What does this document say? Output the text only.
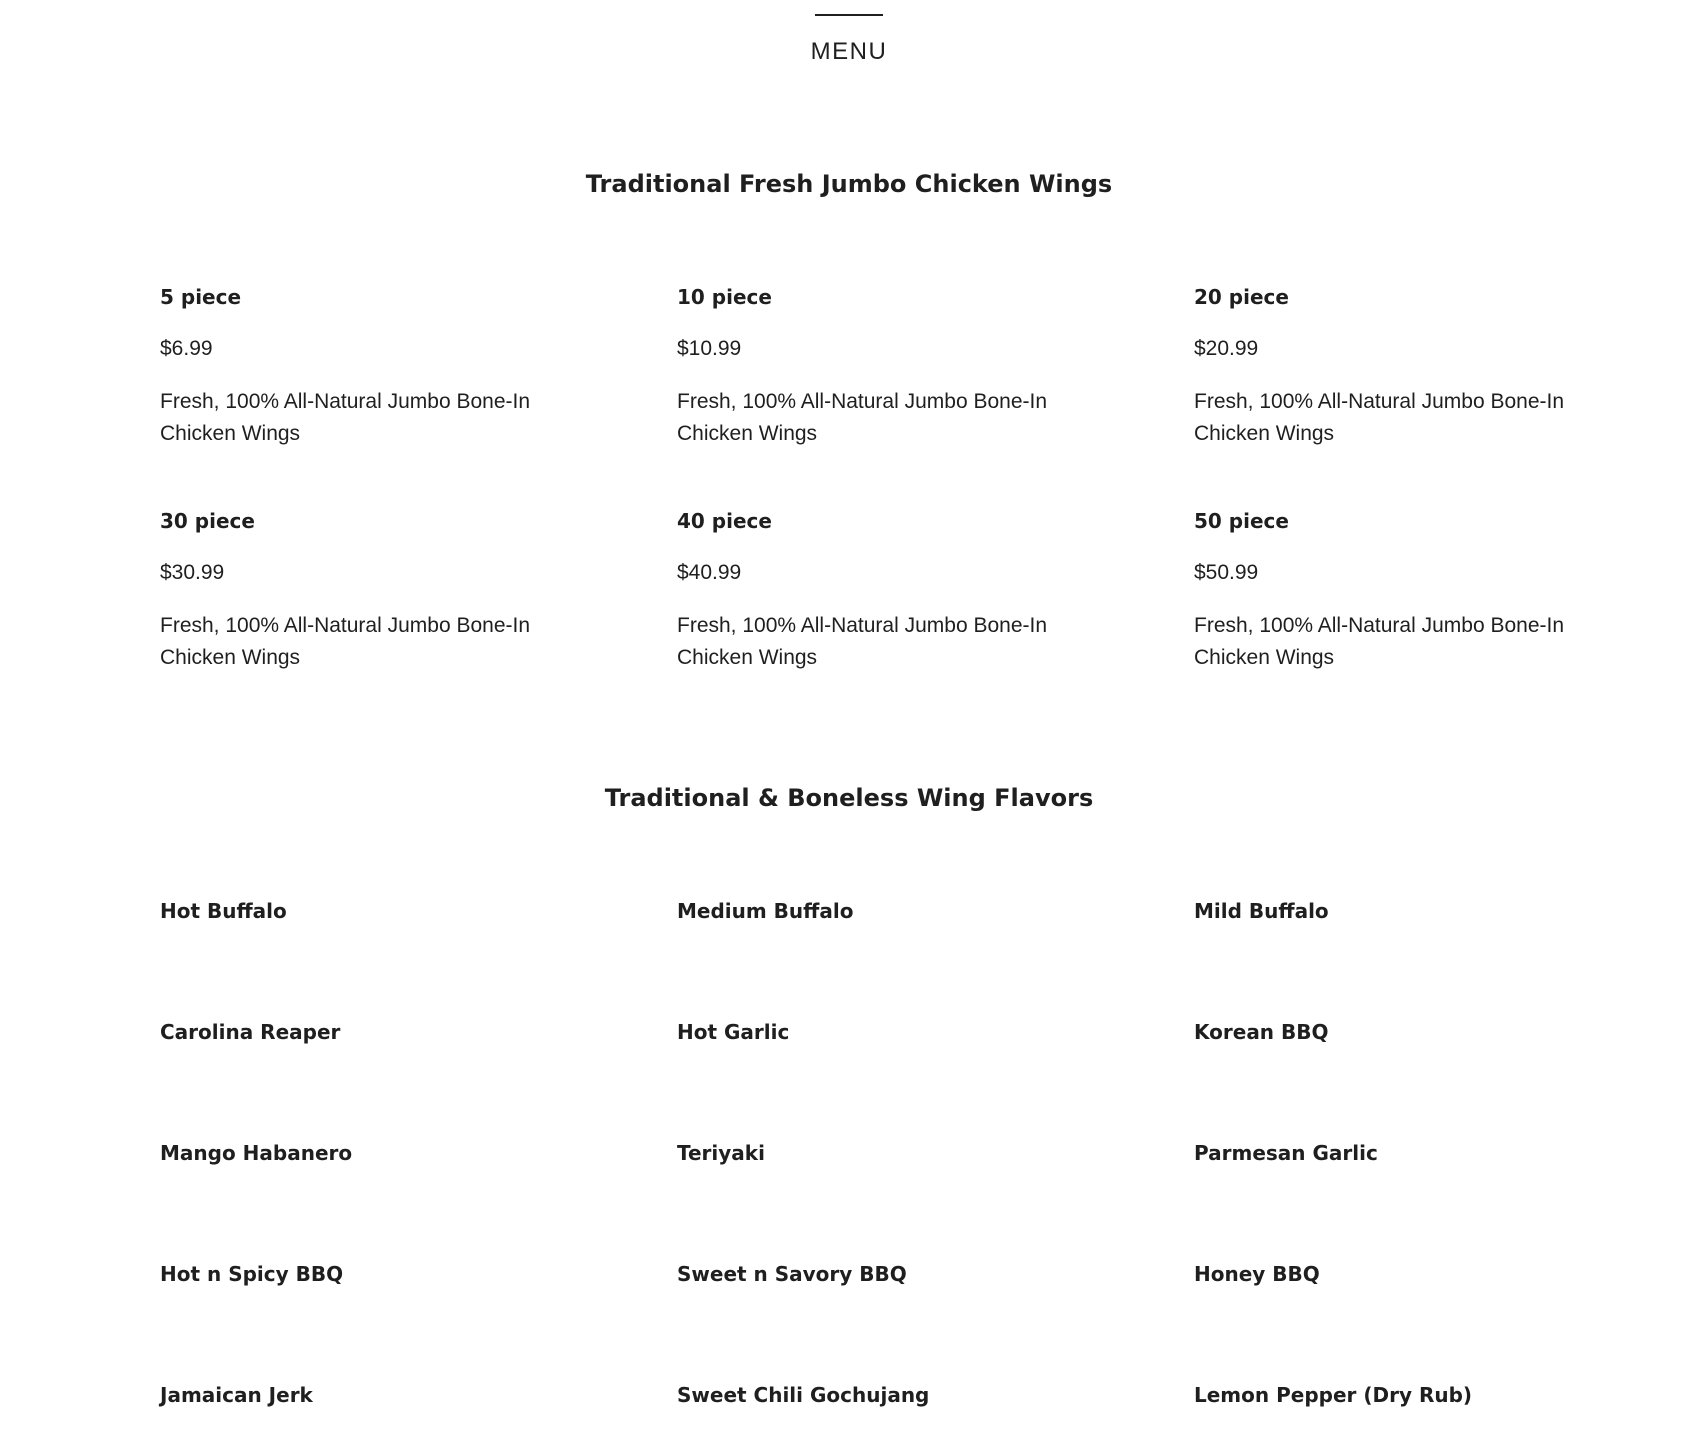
MENU
Traditional Fresh Jumbo Chicken Wings
5 piece
$6.99
Fresh, 100% All-Natural Jumbo Bone-In Chicken Wings
10 piece
$10.99
Fresh, 100% All-Natural Jumbo Bone-In Chicken Wings
20 piece
$20.99
Fresh, 100% All-Natural Jumbo Bone-In Chicken Wings
30 piece
$30.99
Fresh, 100% All-Natural Jumbo Bone-In Chicken Wings
40 piece
$40.99
Fresh, 100% All-Natural Jumbo Bone-In Chicken Wings
50 piece
$50.99
Fresh, 100% All-Natural Jumbo Bone-In Chicken Wings
Traditional & Boneless Wing Flavors
Hot Buffalo	Medium Buffalo	Mild Buffalo
Carolina Reaper	Hot Garlic	Korean BBQ
Mango Habanero	Teriyaki	Parmesan Garlic
Hot n Spicy BBQ	Sweet n Savory BBQ	Honey BBQ
Jamaican Jerk	Sweet Chili Gochujang	Lemon Pepper (Dry Rub)
